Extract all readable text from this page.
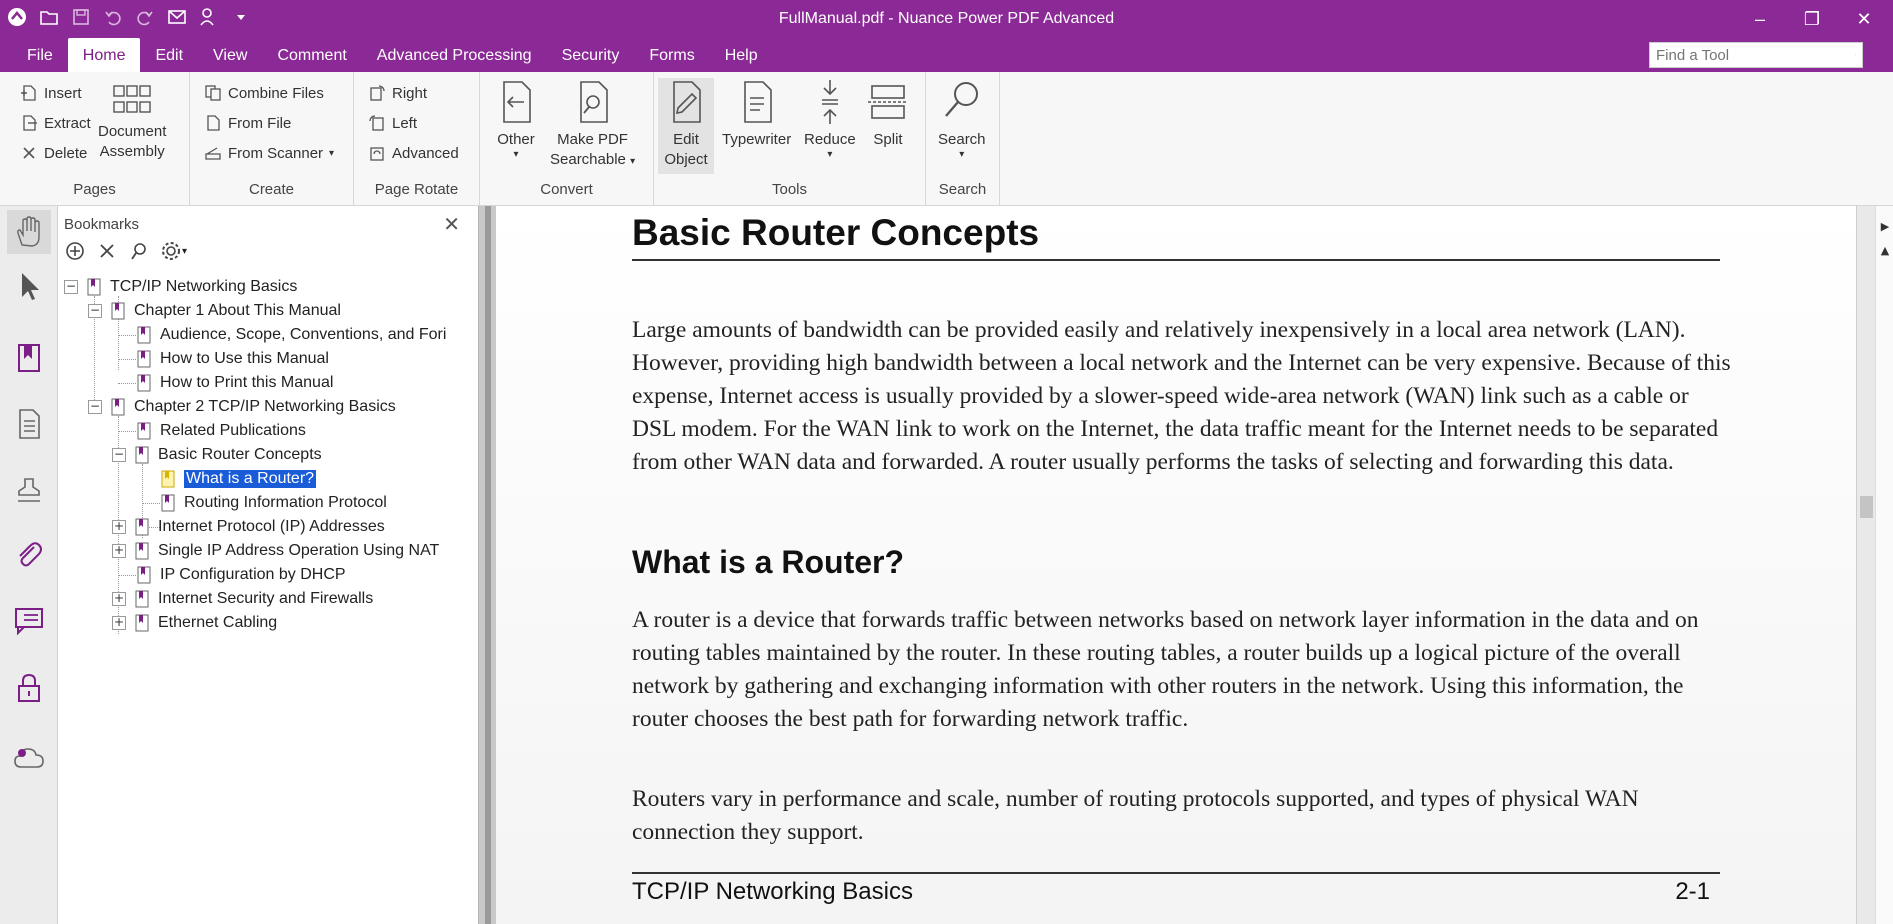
FullManual.pdf - Nuance Power PDF Advanced	–	❐	✕
File	Home	Edit	View	Comment	Advanced Processing	Security	Forms	Help
Find a Tool
Insert
Extract
Delete
Document
Assembly
Pages
Combine Files
From File
From Scanner ▾
Create
Right
Left
Advanced
Page Rotate
Other
▾
Make PDF
Searchable ▾
Convert
Edit
Object
Typewriter Reduce
▾
Split
Tools
Search
▾
Search
Bookmarks	✕
▾
− TCP/IP Networking Basics
− Chapter 1 About This Manual
Audience, Scope, Conventions, and Fori
How to Use this Manual
How to Print this Manual
− Chapter 2 TCP/IP Networking Basics
Related Publications
− Basic Router Concepts
What is a Router?
Routing Information Protocol
+ Internet Protocol (IP) Addresses
+ Single IP Address Operation Using NAT
IP Configuration by DHCP
+ Internet Security and Firewalls
+ Ethernet Cabling
Basic Router Concepts
Large amounts of bandwidth can be provided easily and relatively inexpensively in a local area network (LAN). However, providing high bandwidth between a local network and the Internet can be very expensive. Because of this expense, Internet access is usually provided by a slower-speed wide-area network (WAN) link such as a cable or DSL modem. For the WAN link to work on the Internet, the data traffic meant for the Internet needs to be separated from other WAN data and forwarded. A router usually performs the tasks of selecting and forwarding this data.
What is a Router?
A router is a device that forwards traffic between networks based on network layer information in the data and on routing tables maintained by the router. In these routing tables, a router builds up a logical picture of the overall network by gathering and exchanging information with other routers in the network. Using this information, the router chooses the best path for forwarding network traffic.
Routers vary in performance and scale, number of routing protocols supported, and types of physical WAN connection they support.
TCP/IP Networking Basics	2-1
▶
▲
